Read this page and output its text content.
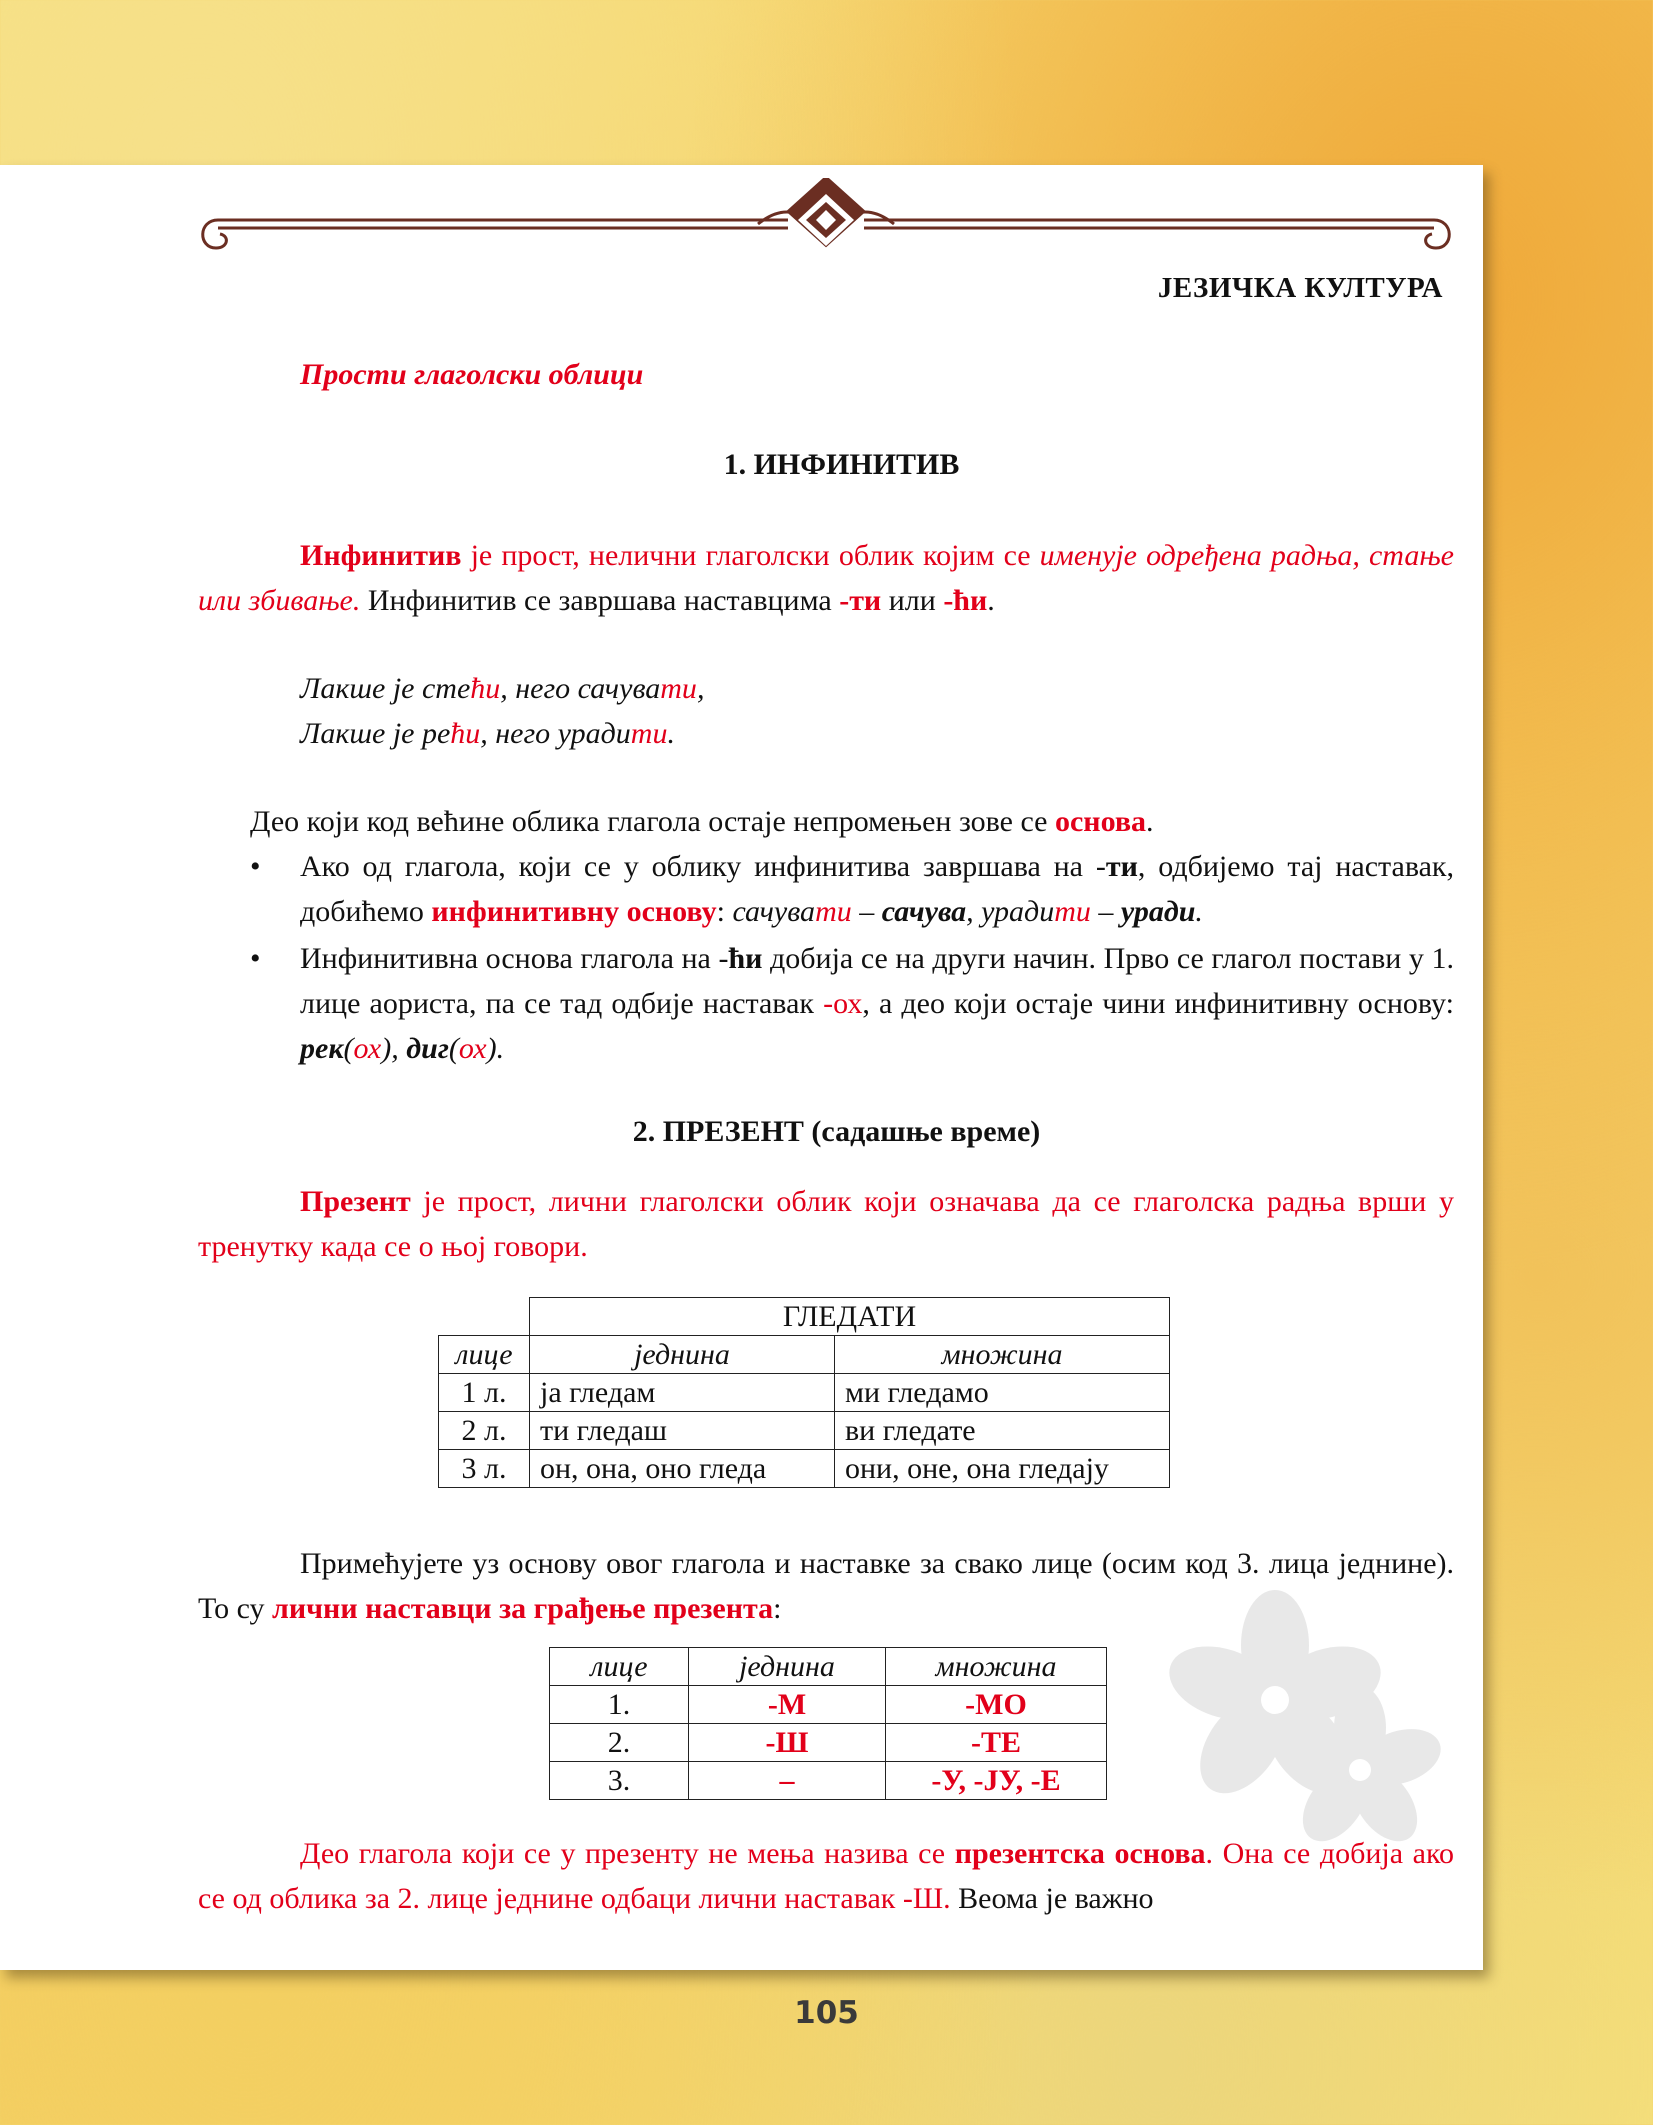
ЈЕЗИЧКА КУЛТУРА
Прости глаголски облици
1. ИНФИНИТИВ
Инфинитив је прост, нелични глаголски облик којим се именује одређена радња, стање или збивање. Инфинитив се завршава наставцима -ти или -ћи.
Лакше је стећи, него сачувати,
Лакше је рећи, него урадити.
Део који код већине облика глагола остаје непромењен зове се основа.
• Ако од глагола, који се у облику инфинитива завршава на -ти, одбијемо тај наставак, добићемо инфинитивну основу: сачувати – сачува, урадити – уради.
• Инфинитивна основа глагола на -ћи добија се на други начин. Прво се глагол постави у 1. лице аориста, па се тад одбије наставак -ох, а део који остаје чини инфинитивну основу: рек(ох), диг(ох).
2. ПРЕЗЕНТ (садашње време)
Презент је прост, лични глаголски облик који означава да се глаголска радња врши у тренутку када се о њој говори.
	ГЛЕДАТИ	
лице	једнина	множина
1 л.	ја гледам	ми гледамо
2 л.	ти гледаш	ви гледате
3 л.	он, она, оно гледа	они, оне, она гледају
Примећујете уз основу овог глагола и наставке за свако лице (осим код 3. лица једнине). То су лични наставци за грађење презента:
лице	једнина	множина
1.	-М	-МО
2.	-Ш	-ТЕ
3.	–	-У, -ЈУ, -Е
Део глагола који се у презенту не мења назива се презентска основа. Она се добија ако се од облика за 2. лице једнине одбаци лични наставак -Ш. Веома је важно
105
